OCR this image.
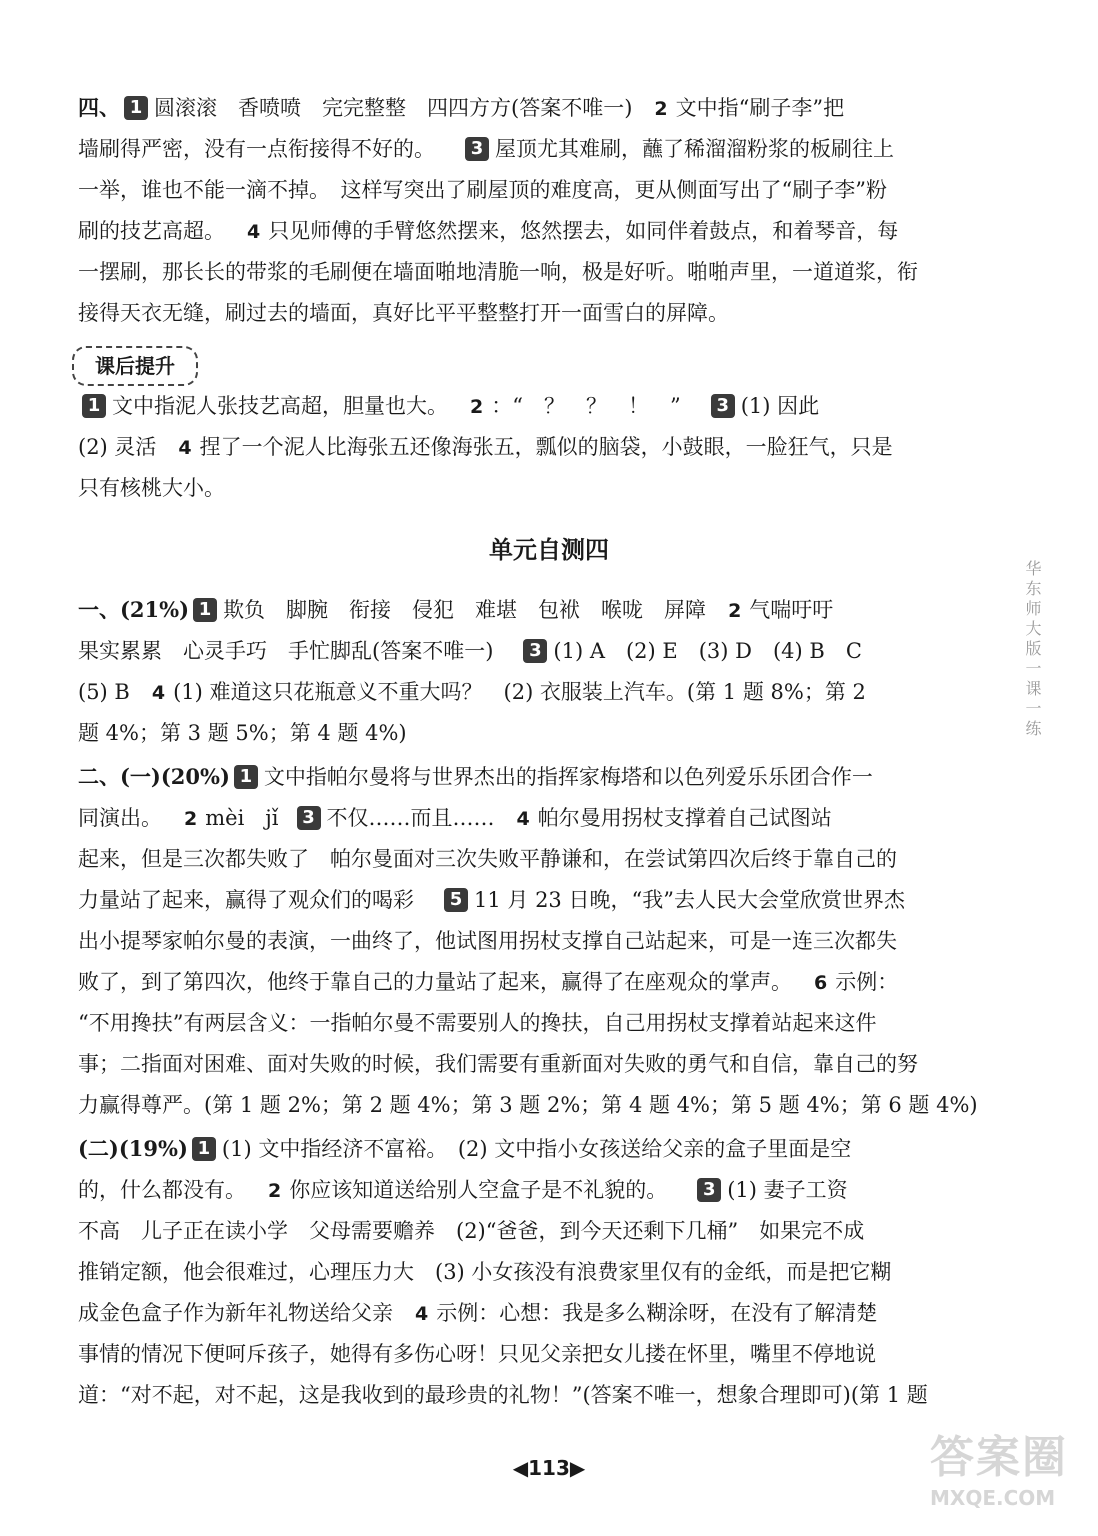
四、 1 圆滚滚　香喷喷　完完整整　四四方方(答案不唯一) 2 文中指“刷子李”把
墙刷得严密，没有一点衔接得不好的。 3 屋顶尤其难刷，蘸了稀溜溜粉浆的板刷往上
一举，谁也不能一滴不掉。　这样写突出了刷屋顶的难度高，更从侧面写出了“刷子李”粉
刷的技艺高超。 4 只见师傅的手臂悠然摆来，悠然摆去，如同伴着鼓点，和着琴音，每
一摆刷，那长长的带浆的毛刷便在墙面啪地清脆一响，极是好听。啪啪声里，一道道浆，衔
接得天衣无缝，刷过去的墙面，真好比平平整整打开一面雪白的屏障。
课后提升
1 文中指泥人张技艺高超，胆量也大。 2 ：“　？　？　！　” 3 (1) 因此
(2) 灵活 4 捏了一个泥人比海张五还像海张五，瓢似的脑袋，小鼓眼，一脸狂气，只是
只有核桃大小。
单元自测四
一、(21%) 1 欺负　脚腕　衔接　侵犯　难堪　包袱　喉咙　屏障 2 气喘吁吁
果实累累　心灵手巧　手忙脚乱(答案不唯一) 3 (1) A　(2) E　(3) D　(4) B　C
(5) B 4 (1) 难道这只花瓶意义不重大吗？　(2) 衣服装上汽车。(第 1 题 8%；第 2
题 4%；第 3 题 5%；第 4 题 4%)
二、(一)(20%) 1 文中指帕尔曼将与世界杰出的指挥家梅塔和以色列爱乐乐团合作一
同演出。 2 mèi　jǐ 3 不仅……而且…… 4 帕尔曼用拐杖支撑着自己试图站
起来，但是三次都失败了　帕尔曼面对三次失败平静谦和，在尝试第四次后终于靠自己的
力量站了起来，赢得了观众们的喝彩 5 11 月 23 日晚，“我”去人民大会堂欣赏世界杰
出小提琴家帕尔曼的表演，一曲终了，他试图用拐杖支撑自己站起来，可是一连三次都失
败了，到了第四次，他终于靠自己的力量站了起来，赢得了在座观众的掌声。 6 示例：
“不用搀扶”有两层含义：一指帕尔曼不需要别人的搀扶，自己用拐杖支撑着站起来这件
事；二指面对困难、面对失败的时候，我们需要有重新面对失败的勇气和自信，靠自己的努
力赢得尊严。(第 1 题 2%；第 2 题 4%；第 3 题 2%；第 4 题 4%；第 5 题 4%；第 6 题 4%)
(二)(19%) 1 (1) 文中指经济不富裕。　(2) 文中指小女孩送给父亲的盒子里面是空
的，什么都没有。 2 你应该知道送给别人空盒子是不礼貌的。 3 (1) 妻子工资
不高　儿子正在读小学　父母需要赡养　(2)“爸爸，到今天还剩下几桶”　如果完不成
推销定额，他会很难过，心理压力大　(3) 小女孩没有浪费家里仅有的金纸，而是把它糊
成金色盒子作为新年礼物送给父亲 4 示例：心想：我是多么糊涂呀，在没有了解清楚
事情的情况下便呵斥孩子，她得有多伤心呀！只见父亲把女儿搂在怀里，嘴里不停地说
道：“对不起，对不起，这是我收到的最珍贵的礼物！”(答案不唯一，想象合理即可)(第 1 题
华东师大版一课一练
◀113▶	答案圈
MXQE.COM
